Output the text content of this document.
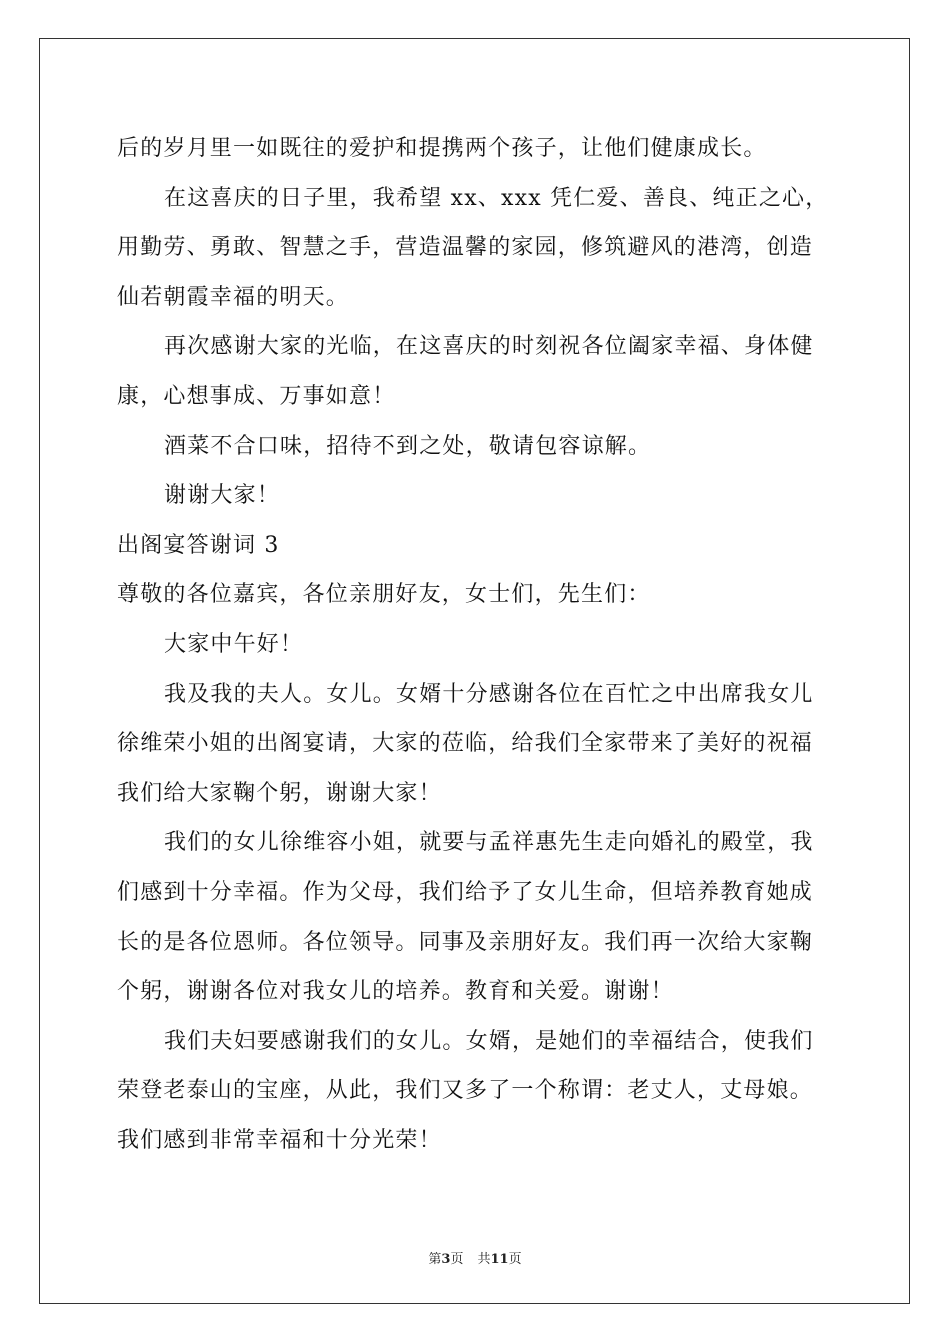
后的岁月里一如既往的爱护和提携两个孩子，让他们健康成长。
在这喜庆的日子里，我希望 xx、xxx 凭仁爱、善良、纯正之心，
用勤劳、勇敢、智慧之手，营造温馨的家园，修筑避风的港湾，创造
仙若朝霞幸福的明天。
再次感谢大家的光临，在这喜庆的时刻祝各位阖家幸福、身体健
康，心想事成、万事如意！
酒菜不合口味，招待不到之处，敬请包容谅解。
谢谢大家！
出阁宴答谢词 3
尊敬的各位嘉宾，各位亲朋好友，女士们，先生们：
大家中午好！
我及我的夫人。女儿。女婿十分感谢各位在百忙之中出席我女儿
徐维荣小姐的出阁宴请，大家的莅临，给我们全家带来了美好的祝福
我们给大家鞠个躬，谢谢大家！
我们的女儿徐维容小姐，就要与孟祥惠先生走向婚礼的殿堂，我
们感到十分幸福。作为父母，我们给予了女儿生命，但培养教育她成
长的是各位恩师。各位领导。同事及亲朋好友。我们再一次给大家鞠
个躬，谢谢各位对我女儿的培养。教育和关爱。谢谢！
我们夫妇要感谢我们的女儿。女婿，是她们的幸福结合，使我们
荣登老泰山的宝座，从此，我们又多了一个称谓：老丈人，丈母娘。
我们感到非常幸福和十分光荣！
第3页 共11页
